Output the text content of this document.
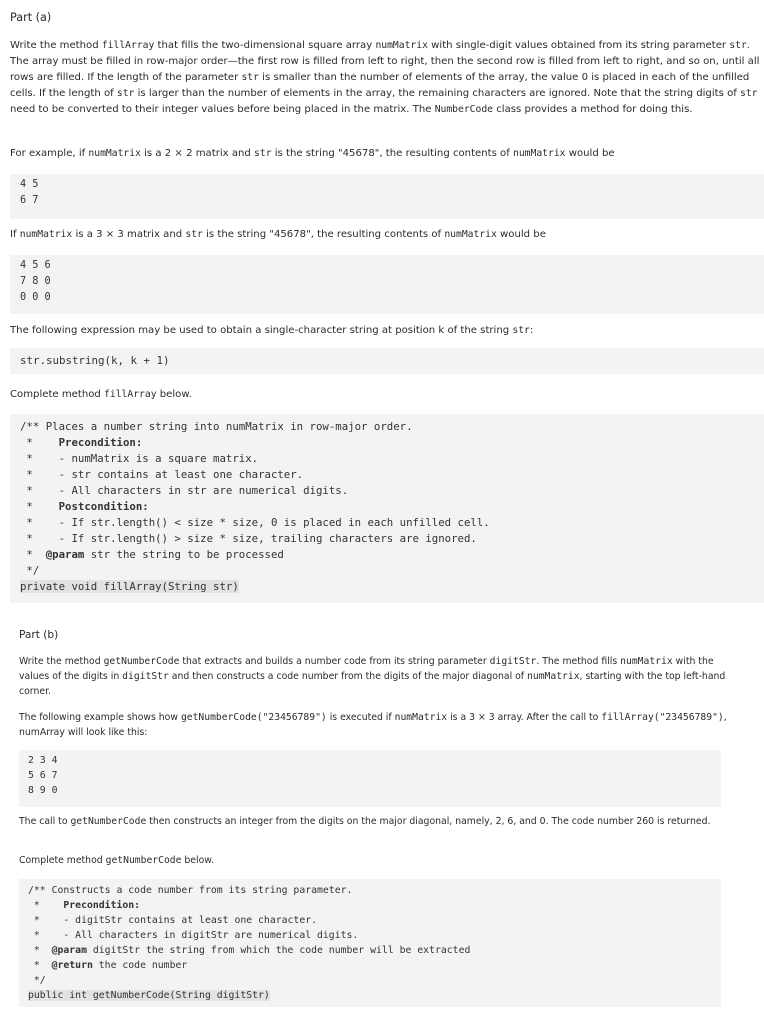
Part (a)
Write the method fillArray that fills the two-dimensional square array numMatrix with single-digit values obtained from its string parameter str. The array must be filled in row-major order—the first row is filled from left to right, then the second row is filled from left to right, and so on, until all rows are filled. If the length of the parameter str is smaller than the number of elements of the array, the value 0 is placed in each of the unfilled cells. If the length of str is larger than the number of elements in the array, the remaining characters are ignored. Note that the string digits of str need to be converted to their integer values before being placed in the matrix. The NumberCode class provides a method for doing this.
For example, if numMatrix is a 2 × 2 matrix and str is the string "45678", the resulting contents of numMatrix would be
4 5
6 7
If numMatrix is a 3 × 3 matrix and str is the string "45678", the resulting contents of numMatrix would be
4 5 6
7 8 0
0 0 0
The following expression may be used to obtain a single-character string at position k of the string str:
str.substring(k, k + 1)
Complete method fillArray below.
/** Places a number string into numMatrix in row-major order.
*    Precondition:
*    - numMatrix is a square matrix.
*    - str contains at least one character.
*    - All characters in str are numerical digits.
*    Postcondition:
*    - If str.length() < size * size, 0 is placed in each unfilled cell.
*    - If str.length() > size * size, trailing characters are ignored.
*  @param str the string to be processed
*/
private void fillArray(String str)
Part (b)
Write the method getNumberCode that extracts and builds a number code from its string parameter digitStr. The method fills numMatrix with the values of the digits in digitStr and then constructs a code number from the digits of the major diagonal of numMatrix, starting with the top left-hand corner.
The following example shows how getNumberCode("23456789") is executed if numMatrix is a 3 × 3 array. After the call to fillArray("23456789"), numArray will look like this:
2 3 4
5 6 7
8 9 0
The call to getNumberCode then constructs an integer from the digits on the major diagonal, namely, 2, 6, and 0. The code number 260 is returned.
Complete method getNumberCode below.
/** Constructs a code number from its string parameter.
*    Precondition:
*    - digitStr contains at least one character.
*    - All characters in digitStr are numerical digits.
*  @param digitStr the string from which the code number will be extracted
*  @return the code number
*/
public int getNumberCode(String digitStr)
